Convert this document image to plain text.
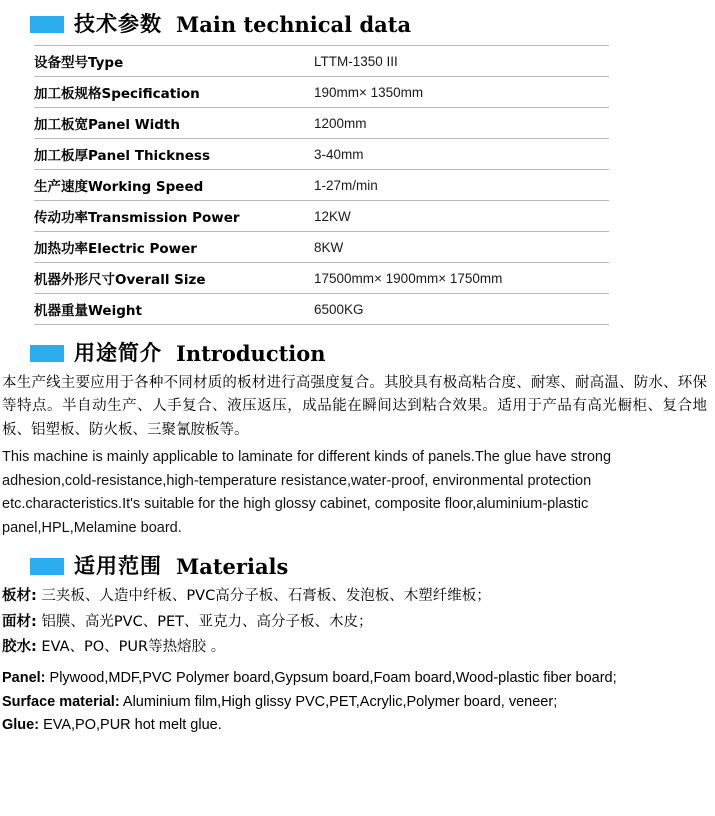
技术参数 Main technical data
设备型号Type	LTTM-1350 III
加工板规格Specification	190mm× 1350mm
加工板宽Panel Width	1200mm
加工板厚Panel Thickness	3-40mm
生产速度Working Speed	1-27m/min
传动功率Transmission Power	12KW
加热功率Electric Power	8KW
机器外形尺寸Overall Size	17500mm× 1900mm× 1750mm
机器重量Weight	6500KG
用途简介 Introduction

本生产线主要应用于各种不同材质的板材进行高强度复合。其胶具有极高粘合度、耐寒、耐高温、防水、环保等特点。半自动生产、人手复合、液压返压，成品能在瞬间达到粘合效果。适用于产品有高光橱柜、复合地板、铝塑板、防火板、三聚氰胺板等。

This machine is mainly applicable to laminate for different kinds of panels.The glue have strong adhesion,cold-resistance,high-temperature resistance,water-proof, environmental protection etc.characteristics.It's suitable for the high glossy cabinet, composite floor,aluminium-plastic panel,HPL,Melamine board.

适用范围 Materials
板材: 三夹板、人造中纤板、PVC高分子板、石膏板、发泡板、木塑纤维板；
面材: 铝膜、高光PVC、PET、亚克力、高分子板、木皮；
胶水: EVA、PO、PUR等热熔胶 。
Panel: Plywood,MDF,PVC Polymer board,Gypsum board,Foam board,Wood-plastic fiber board;
Surface material: Aluminium film,High glissy PVC,PET,Acrylic,Polymer board, veneer;
Glue: EVA,PO,PUR hot melt glue.
